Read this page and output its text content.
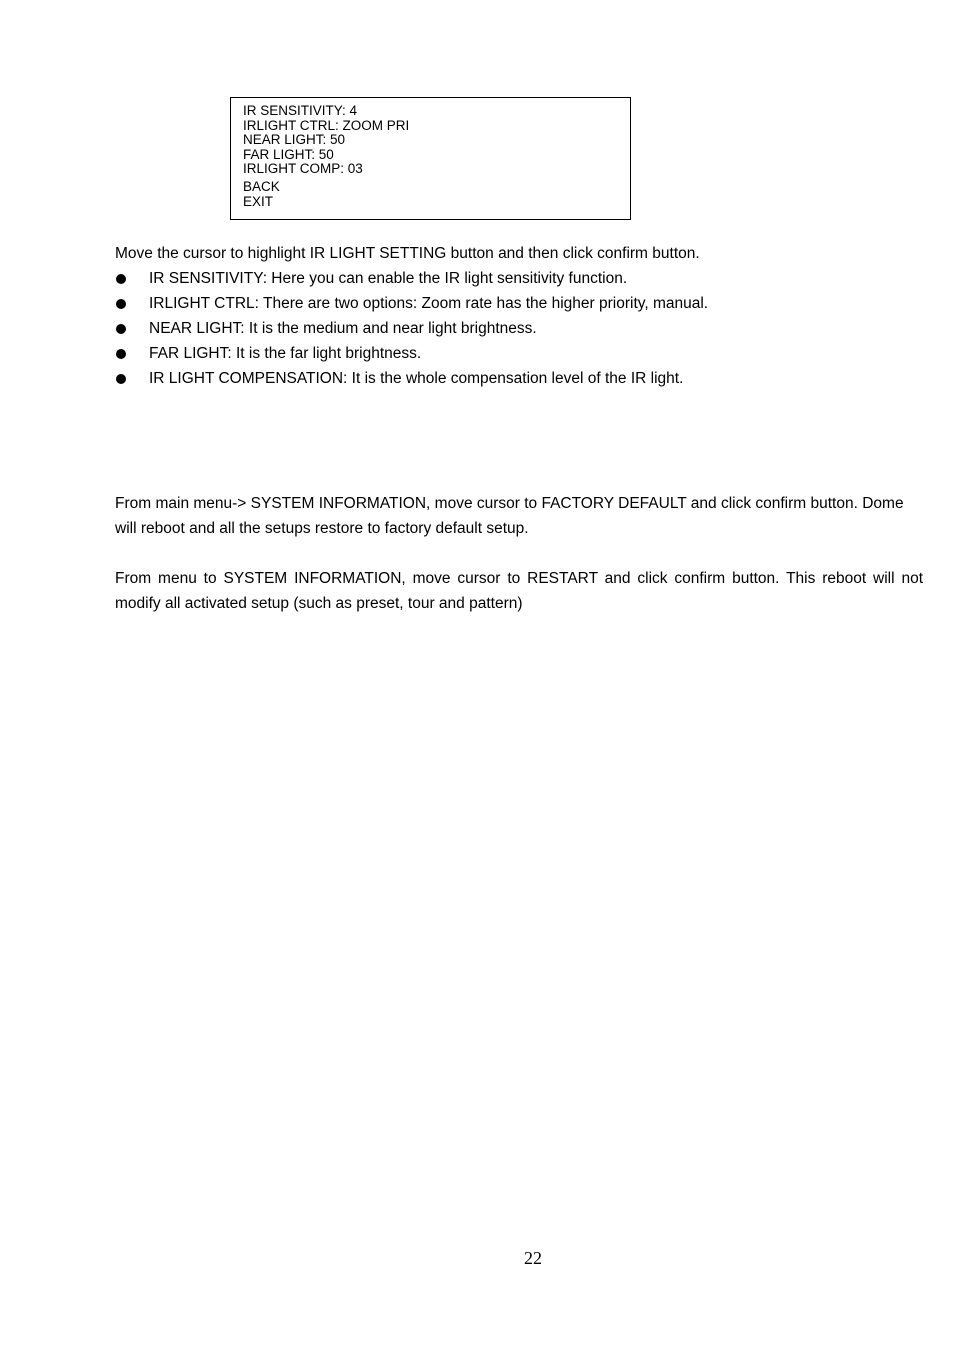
IR SENSITIVITY: 4
IRLIGHT CTRL: ZOOM PRI
NEAR LIGHT: 50
FAR LIGHT: 50
IRLIGHT COMP: 03
BACK
EXIT
Move the cursor to highlight IR LIGHT SETTING button and then click confirm button.
IR SENSITIVITY: Here you can enable the IR light sensitivity function.
IRLIGHT CTRL: There are two options: Zoom rate has the higher priority, manual.
NEAR LIGHT: It is the medium and near light brightness.
FAR LIGHT: It is the far light brightness.
IR LIGHT COMPENSATION: It is the whole compensation level of the IR light.
From main menu-> SYSTEM INFORMATION, move cursor to FACTORY DEFAULT and click confirm button. Dome will reboot and all the setups restore to factory default setup.
From menu to SYSTEM INFORMATION, move cursor to RESTART and click confirm button. This reboot will not modify all activated setup (such as preset, tour and pattern)
22
